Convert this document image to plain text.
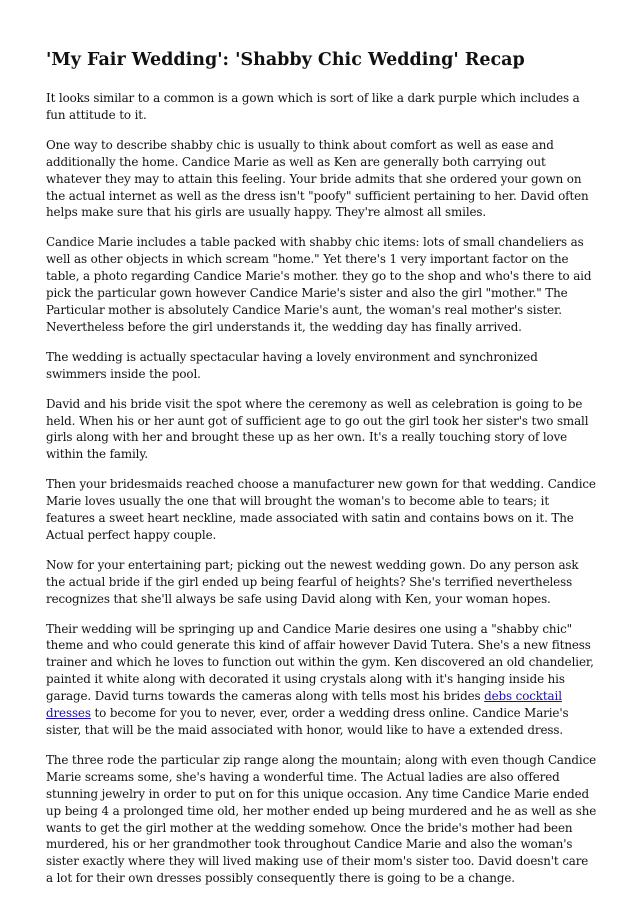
'My Fair Wedding': 'Shabby Chic Wedding' Recap

It looks similar to a common is a gown which is sort of like a dark purple which includes a fun attitude to it.

One way to describe shabby chic is usually to think about comfort as well as ease and additionally the home. Candice Marie as well as Ken are generally both carrying out whatever they may to attain this feeling. Your bride admits that she ordered your gown on the actual internet as well as the dress isn't "poofy" sufficient pertaining to her. David often helps make sure that his girls are usually happy. They're almost all smiles.

Candice Marie includes a table packed with shabby chic items: lots of small chandeliers as well as other objects in which scream "home." Yet there's 1 very important factor on the table, a photo regarding Candice Marie's mother. they go to the shop and who's there to aid pick the particular gown however Candice Marie's sister and also the girl "mother." The Particular mother is absolutely Candice Marie's aunt, the woman's real mother's sister. Nevertheless before the girl understands it, the wedding day has finally arrived.

The wedding is actually spectacular having a lovely environment and synchronized swimmers inside the pool.

David and his bride visit the spot where the ceremony as well as celebration is going to be held. When his or her aunt got of sufficient age to go out the girl took her sister's two small girls along with her and brought these up as her own. It's a really touching story of love within the family.

Then your bridesmaids reached choose a manufacturer new gown for that wedding. Candice Marie loves usually the one that will brought the woman's to become able to tears; it features a sweet heart neckline, made associated with satin and contains bows on it. The Actual perfect happy couple.

Now for your entertaining part; picking out the newest wedding gown. Do any person ask the actual bride if the girl ended up being fearful of heights? She's terrified nevertheless recognizes that she'll always be safe using David along with Ken, your woman hopes.

Their wedding will be springing up and Candice Marie desires one using a "shabby chic" theme and who could generate this kind of affair however David Tutera. She's a new fitness trainer and which he loves to function out within the gym. Ken discovered an old chandelier, painted it white along with decorated it using crystals along with it's hanging inside his garage. David turns towards the cameras along with tells most his brides debs cocktail dresses to become for you to never, ever, order a wedding dress online. Candice Marie's sister, that will be the maid associated with honor, would like to have a extended dress.

The three rode the particular zip range along the mountain; along with even though Candice Marie screams some, she's having a wonderful time. The Actual ladies are also offered stunning jewelry in order to put on for this unique occasion. Any time Candice Marie ended up being 4 a prolonged time old, her mother ended up being murdered and he as well as she wants to get the girl mother at the wedding somehow. Once the bride's mother had been murdered, his or her grandmother took throughout Candice Marie and also the woman's sister exactly where they will lived making use of their mom's sister too. David doesn't care a lot for their own dresses possibly consequently there is going to be a change.
